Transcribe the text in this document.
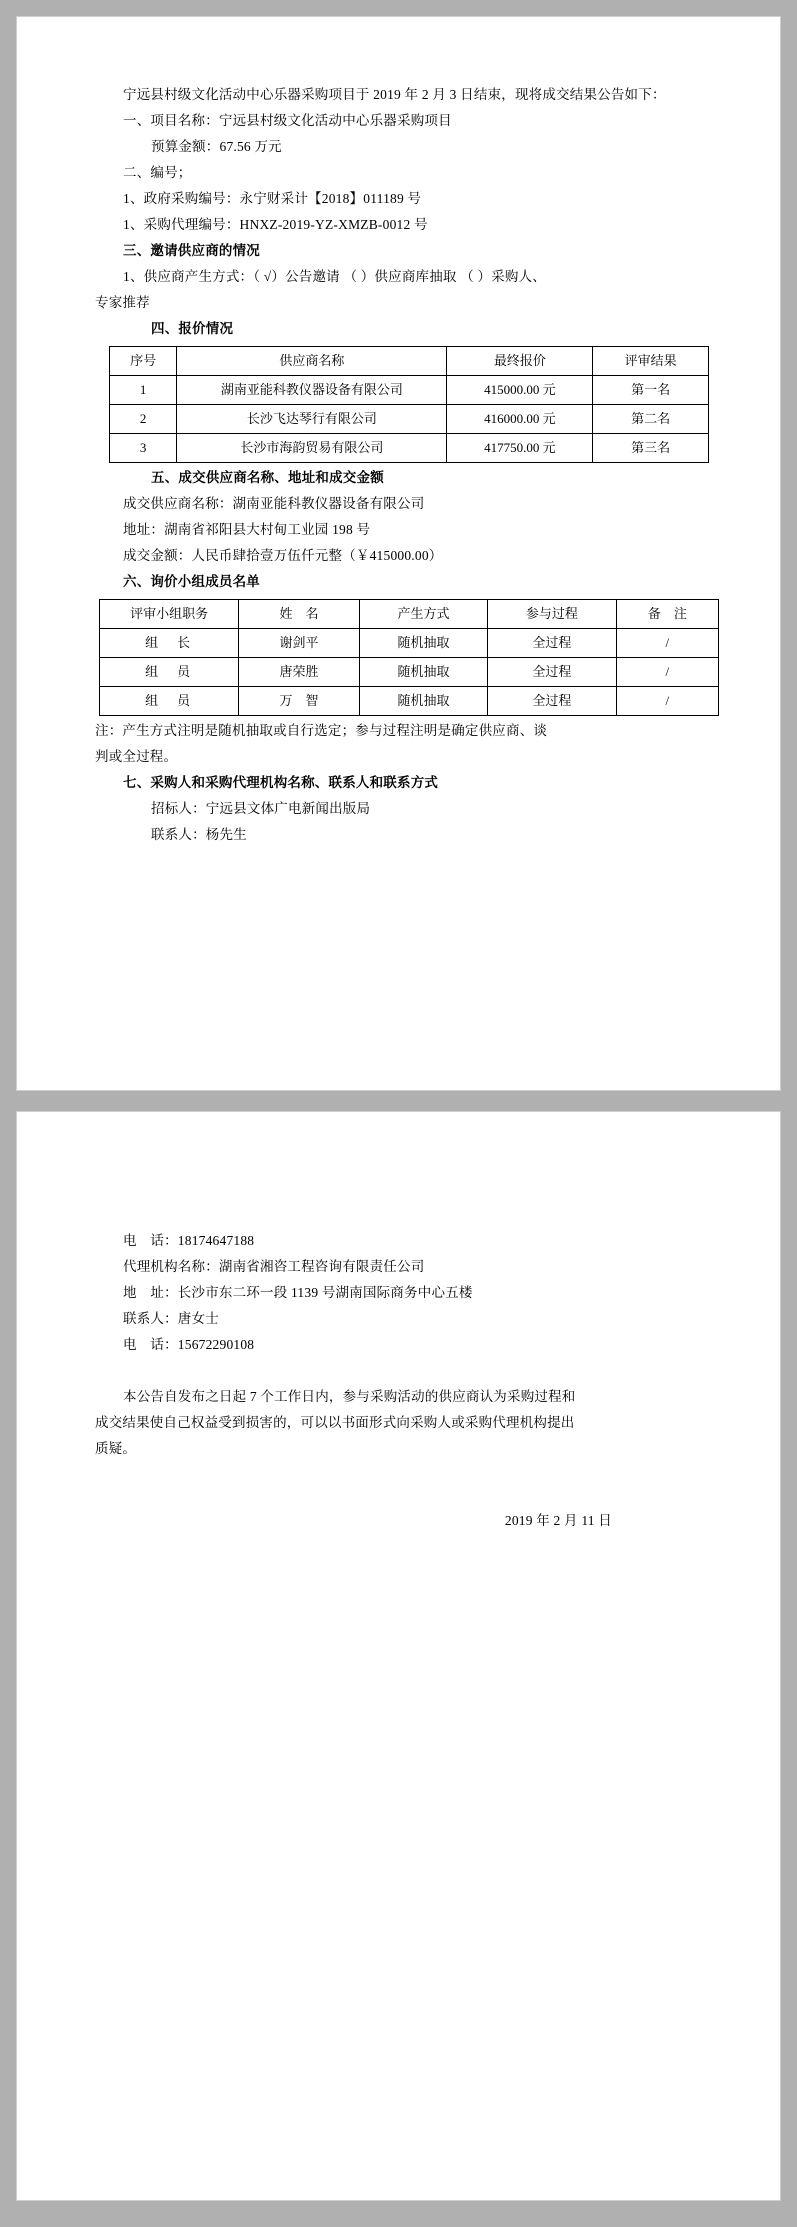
宁远县村级文化活动中心乐器采购项目于 2019 年 2 月 3 日结束，现将成交结果公告如下：

一、项目名称：宁远县村级文化活动中心乐器采购项目

预算金额：67.56 万元

二、编号；

1、政府采购编号：永宁财采计【2018】011189 号

1、采购代理编号：HNXZ-2019-YZ-XMZB-0012 号

三、邀请供应商的情况

1、供应商产生方式：（ √）公告邀请 （ ）供应商库抽取 （ ）采购人、

专家推荐

四、报价情况

序号	供应商名称	最终报价	评审结果
1	湖南亚能科教仪器设备有限公司	415000.00 元	第一名
2	长沙飞达琴行有限公司	416000.00 元	第二名
3	长沙市海韵贸易有限公司	417750.00 元	第三名

五、成交供应商名称、地址和成交金额

成交供应商名称：湖南亚能科教仪器设备有限公司

地址：湖南省祁阳县大村甸工业园 198 号

成交金额：人民币肆拾壹万伍仟元整（￥415000.00）

六、询价小组成员名单

评审小组职务	姓　名	产生方式	参与过程	备　注
组　长	谢剑平	随机抽取	全过程	/
组　员	唐荣胜	随机抽取	全过程	/
组　员	万　智	随机抽取	全过程	/

注：产生方式注明是随机抽取或自行选定；参与过程注明是确定供应商、谈

判或全过程。

七、采购人和采购代理机构名称、联系人和联系方式

招标人：宁远县文体广电新闻出版局

联系人：杨先生

电　话：18174647188

代理机构名称：湖南省湘咨工程咨询有限责任公司

地　址：长沙市东二环一段 1139 号湖南国际商务中心五楼

联系人：唐女士

电　话：15672290108

本公告自发布之日起 7 个工作日内，参与采购活动的供应商认为采购过程和

成交结果使自己权益受到损害的，可以以书面形式向采购人或采购代理机构提出

质疑。

2019 年 2 月 11 日
